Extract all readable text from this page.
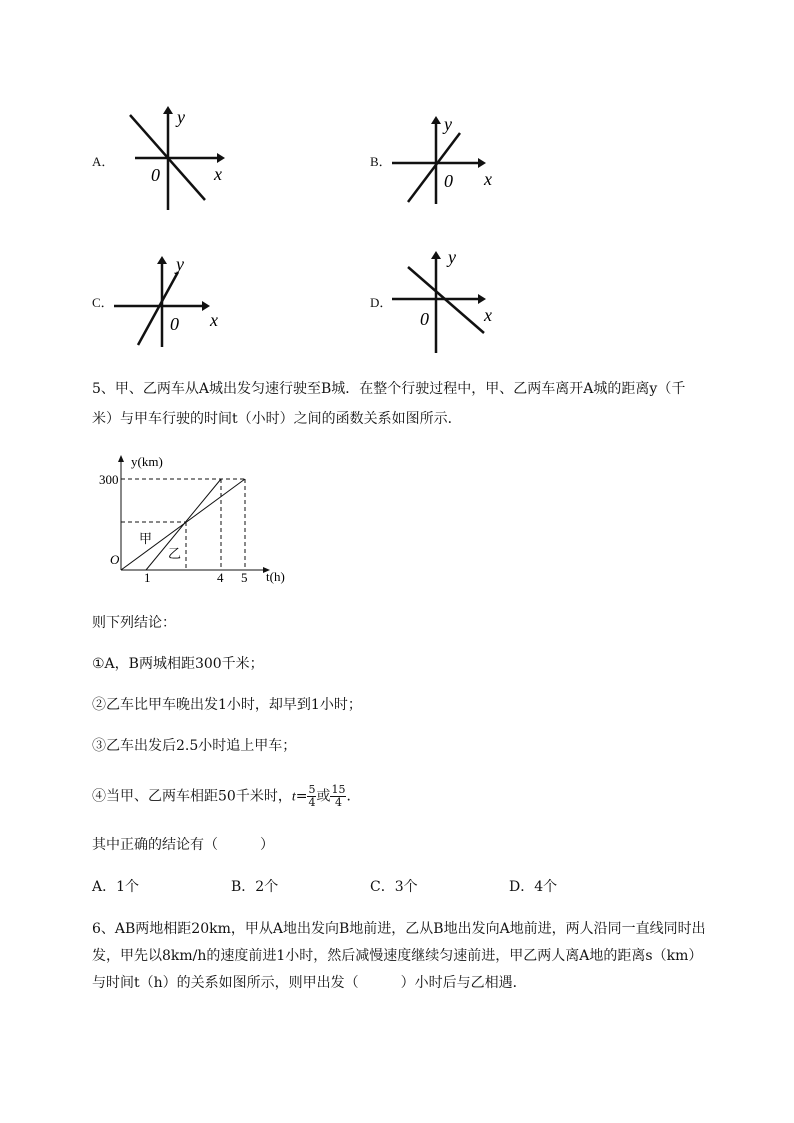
A．
y
x
0
B．
y
x
0
C．
y
x
0
D．
y
x
0
5、甲、乙两车从A城出发匀速行驶至B城．在整个行驶过程中，甲、乙两车离开A城的距离y（千
米）与甲车行驶的时间t（小时）之间的函数关系如图所示．
y(km)
t(h)
300
O
1	4 5
甲
乙
则下列结论：
①A，B两城相距300千米；
②乙车比甲车晚出发1小时，却早到1小时；
③乙车出发后2.5小时追上甲车；
④当甲、乙两车相距50千米时，$t= \frac{5}{4}$ 或 $\frac{15}{4}$ ．
其中正确的结论有（　　　）
A．1个	B．2个	C．3个	D．4个
6、AB两地相距20km，甲从A地出发向B地前进，乙从B地出发向A地前进，两人沿同一直线同时出
发，甲先以8km/h的速度前进1小时，然后减慢速度继续匀速前进，甲乙两人离A地的距离s（km）
与时间t（h）的关系如图所示，则甲出发（　　　）小时后与乙相遇．
